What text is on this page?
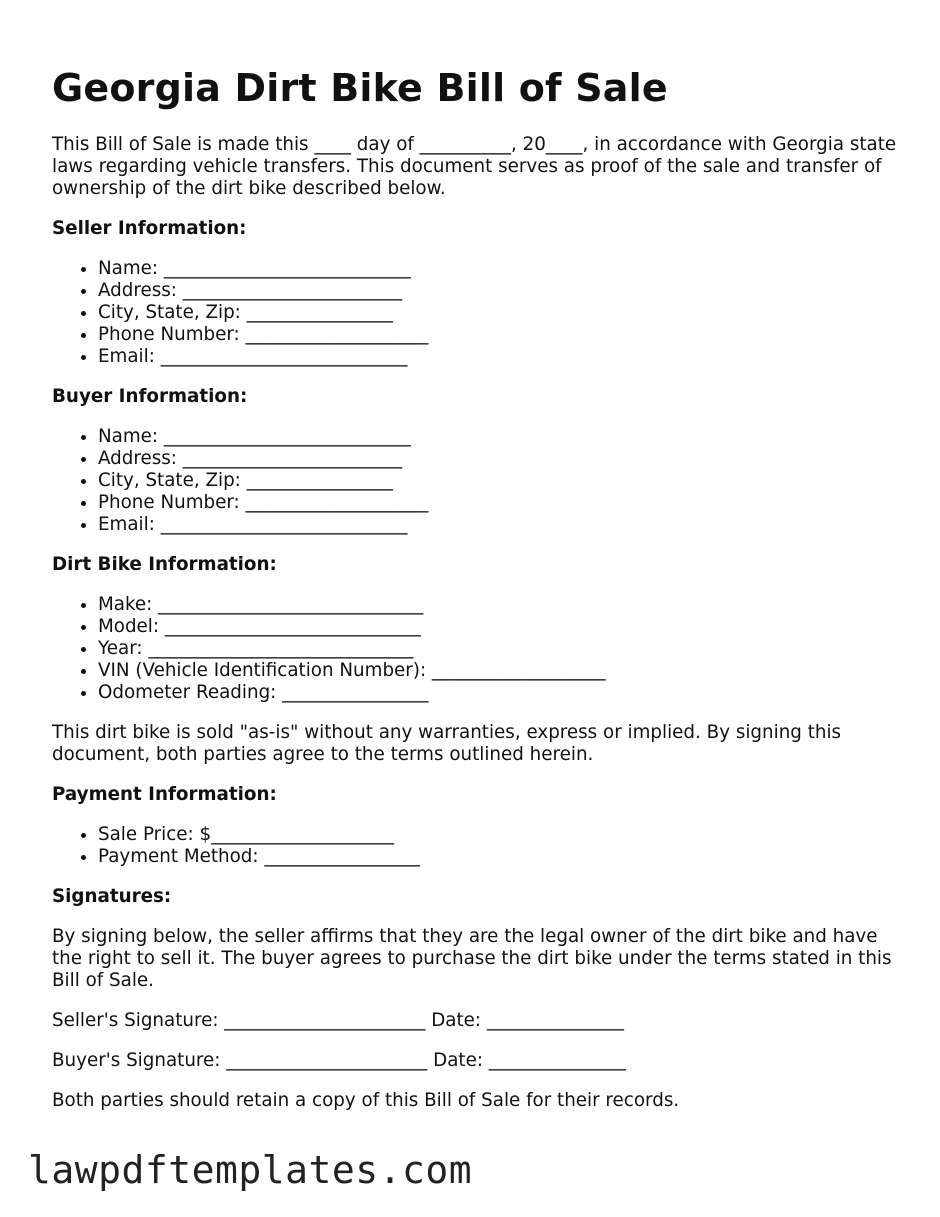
Georgia Dirt Bike Bill of Sale

This Bill of Sale is made this ____ day of __________, 20____, in accordance with Georgia state laws regarding vehicle transfers. This document serves as proof of the sale and transfer of ownership of the dirt bike described below.

Seller Information:
• Name: ___________________________
• Address: ________________________
• City, State, Zip: ________________
• Phone Number: ____________________
• Email: ___________________________
Buyer Information:
• Name: ___________________________
• Address: ________________________
• City, State, Zip: ________________
• Phone Number: ____________________
• Email: ___________________________
Dirt Bike Information:
• Make: _____________________________
• Model: ____________________________
• Year: _____________________________
• VIN (Vehicle Identification Number): ___________________
• Odometer Reading: ________________

This dirt bike is sold "as-is" without any warranties, express or implied. By signing this document, both parties agree to the terms outlined herein.

Payment Information:
• Sale Price: $____________________
• Payment Method: _________________
Signatures:

By signing below, the seller affirms that they are the legal owner of the dirt bike and have the right to sell it. The buyer agrees to purchase the dirt bike under the terms stated in this Bill of Sale.

Seller's Signature: ______________________ Date: _______________

Buyer's Signature: ______________________ Date: _______________

Both parties should retain a copy of this Bill of Sale for their records.

lawpdftemplates.com
